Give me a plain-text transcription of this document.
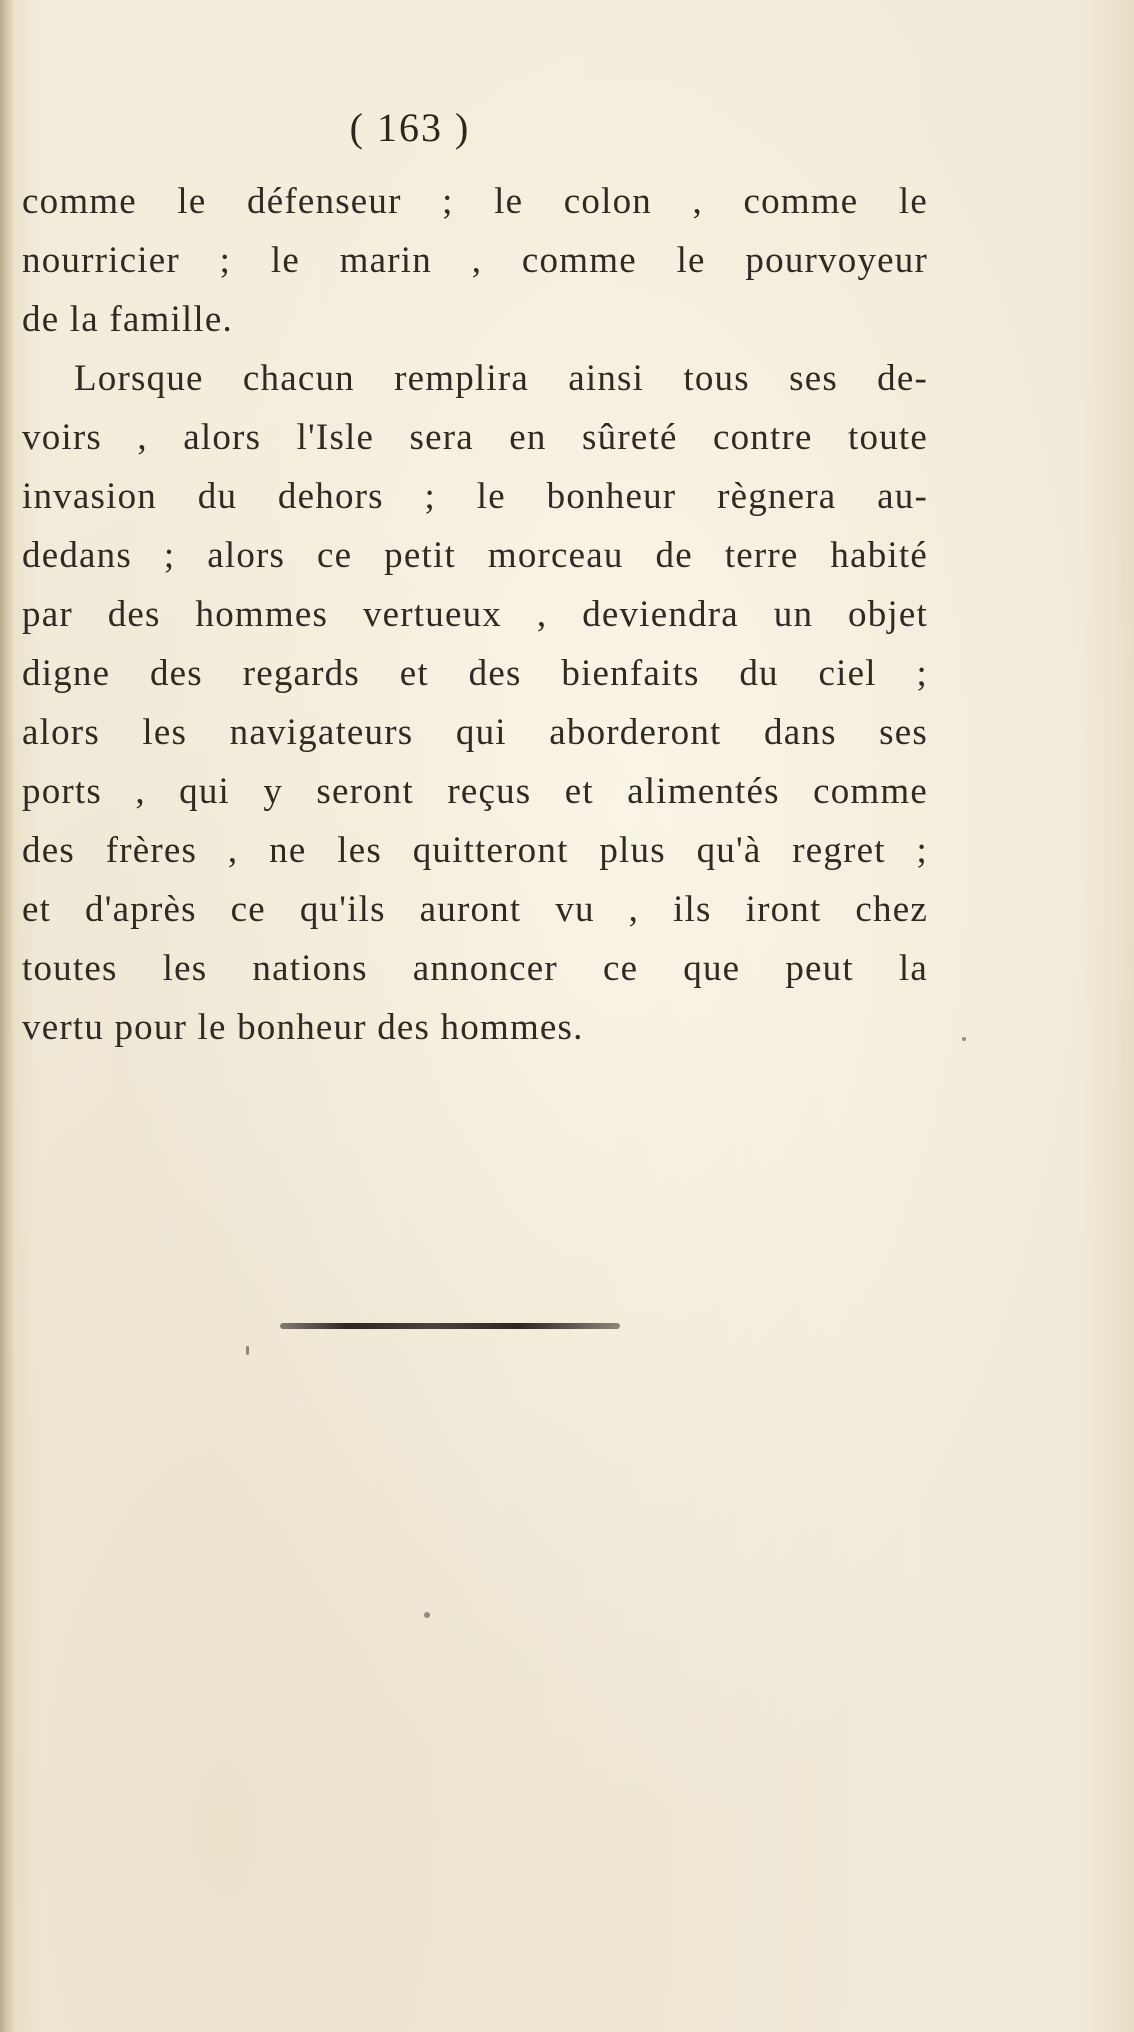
( 163 )
comme le défenseur ; le colon , comme le
nourricier ; le marin , comme le pourvoyeur
de la famille.
Lorsque chacun remplira ainsi tous ses de-
voirs , alors l'Isle sera en sûreté contre toute
invasion du dehors ; le bonheur règnera au-
dedans ; alors ce petit morceau de terre habité
par des hommes vertueux , deviendra un objet
digne des regards et des bienfaits du ciel ;
alors les navigateurs qui aborderont dans ses
ports , qui y seront reçus et alimentés comme
des frères , ne les quitteront plus qu'à regret ;
et d'après ce qu'ils auront vu , ils iront chez
toutes les nations annoncer ce que peut la
vertu pour le bonheur des hommes.
